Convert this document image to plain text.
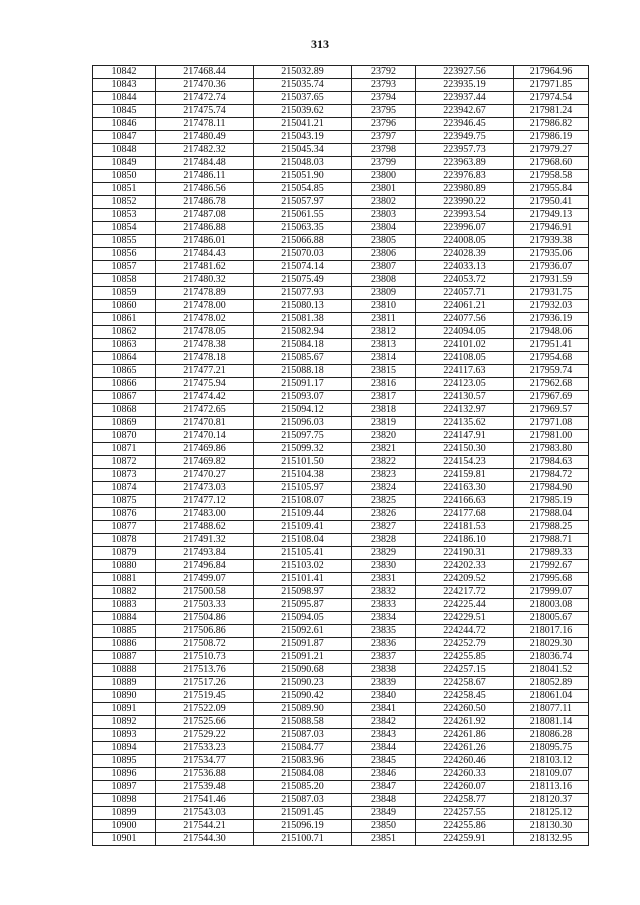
313
10842	217468.44	215032.89	23792	223927.56	217964.96
10843	217470.36	215035.74	23793	223935.19	217971.85
10844	217472.74	215037.65	23794	223937.44	217974.54
10845	217475.74	215039.62	23795	223942.67	217981.24
10846	217478.11	215041.21	23796	223946.45	217986.82
10847	217480.49	215043.19	23797	223949.75	217986.19
10848	217482.32	215045.34	23798	223957.73	217979.27
10849	217484.48	215048.03	23799	223963.89	217968.60
10850	217486.11	215051.90	23800	223976.83	217958.58
10851	217486.56	215054.85	23801	223980.89	217955.84
10852	217486.78	215057.97	23802	223990.22	217950.41
10853	217487.08	215061.55	23803	223993.54	217949.13
10854	217486.88	215063.35	23804	223996.07	217946.91
10855	217486.01	215066.88	23805	224008.05	217939.38
10856	217484.43	215070.03	23806	224028.39	217935.06
10857	217481.62	215074.14	23807	224033.13	217936.07
10858	217480.32	215075.49	23808	224053.72	217931.59
10859	217478.89	215077.93	23809	224057.71	217931.75
10860	217478.00	215080.13	23810	224061.21	217932.03
10861	217478.02	215081.38	23811	224077.56	217936.19
10862	217478.05	215082.94	23812	224094.05	217948.06
10863	217478.38	215084.18	23813	224101.02	217951.41
10864	217478.18	215085.67	23814	224108.05	217954.68
10865	217477.21	215088.18	23815	224117.63	217959.74
10866	217475.94	215091.17	23816	224123.05	217962.68
10867	217474.42	215093.07	23817	224130.57	217967.69
10868	217472.65	215094.12	23818	224132.97	217969.57
10869	217470.81	215096.03	23819	224135.62	217971.08
10870	217470.14	215097.75	23820	224147.91	217981.00
10871	217469.86	215099.32	23821	224150.30	217983.80
10872	217469.82	215101.50	23822	224154.23	217984.63
10873	217470.27	215104.38	23823	224159.81	217984.72
10874	217473.03	215105.97	23824	224163.30	217984.90
10875	217477.12	215108.07	23825	224166.63	217985.19
10876	217483.00	215109.44	23826	224177.68	217988.04
10877	217488.62	215109.41	23827	224181.53	217988.25
10878	217491.32	215108.04	23828	224186.10	217988.71
10879	217493.84	215105.41	23829	224190.31	217989.33
10880	217496.84	215103.02	23830	224202.33	217992.67
10881	217499.07	215101.41	23831	224209.52	217995.68
10882	217500.58	215098.97	23832	224217.72	217999.07
10883	217503.33	215095.87	23833	224225.44	218003.08
10884	217504.86	215094.05	23834	224229.51	218005.67
10885	217506.86	215092.61	23835	224244.72	218017.16
10886	217508.72	215091.87	23836	224252.79	218029.30
10887	217510.73	215091.21	23837	224255.85	218036.74
10888	217513.76	215090.68	23838	224257.15	218041.52
10889	217517.26	215090.23	23839	224258.67	218052.89
10890	217519.45	215090.42	23840	224258.45	218061.04
10891	217522.09	215089.90	23841	224260.50	218077.11
10892	217525.66	215088.58	23842	224261.92	218081.14
10893	217529.22	215087.03	23843	224261.86	218086.28
10894	217533.23	215084.77	23844	224261.26	218095.75
10895	217534.77	215083.96	23845	224260.46	218103.12
10896	217536.88	215084.08	23846	224260.33	218109.07
10897	217539.48	215085.20	23847	224260.07	218113.16
10898	217541.46	215087.03	23848	224258.77	218120.37
10899	217543.03	215091.45	23849	224257.55	218125.12
10900	217544.21	215096.19	23850	224255.86	218130.30
10901	217544.30	215100.71	23851	224259.91	218132.95
